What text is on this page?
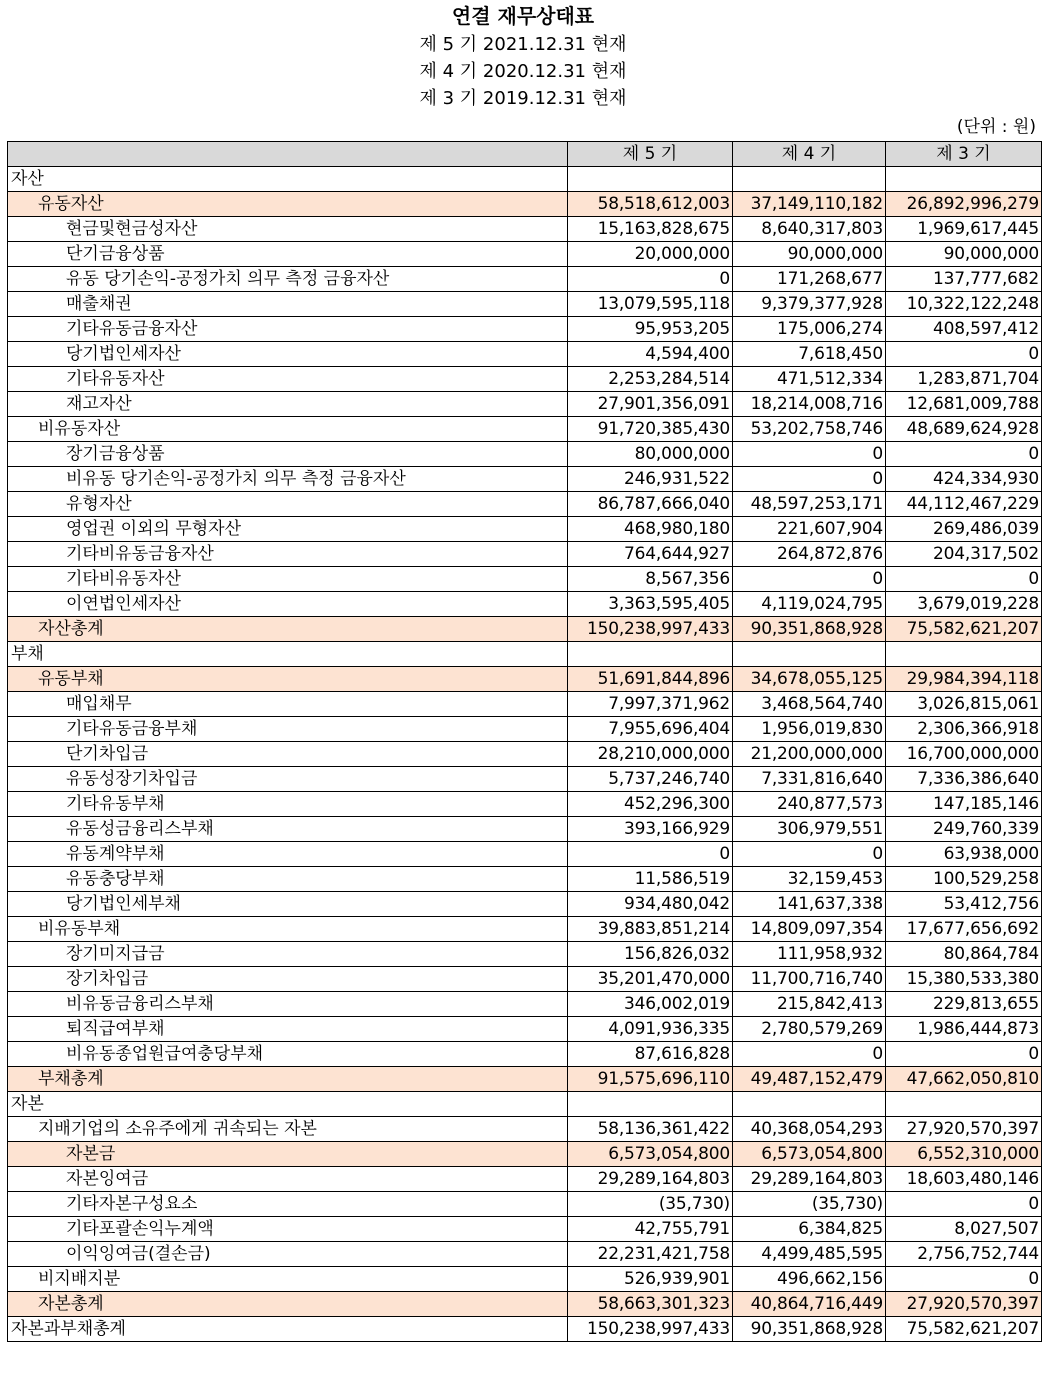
연결 재무상태표
제 5 기 2021.12.31 현재
제 4 기 2020.12.31 현재
제 3 기 2019.12.31 현재
(단위 : 원)
	제 5 기	제 4 기	제 3 기
자산			
유동자산	58,518,612,003	37,149,110,182	26,892,996,279
현금및현금성자산	15,163,828,675	8,640,317,803	1,969,617,445
단기금융상품	20,000,000	90,000,000	90,000,000
유동 당기손익-공정가치 의무 측정 금융자산	0	171,268,677	137,777,682
매출채권	13,079,595,118	9,379,377,928	10,322,122,248
기타유동금융자산	95,953,205	175,006,274	408,597,412
당기법인세자산	4,594,400	7,618,450	0
기타유동자산	2,253,284,514	471,512,334	1,283,871,704
재고자산	27,901,356,091	18,214,008,716	12,681,009,788
비유동자산	91,720,385,430	53,202,758,746	48,689,624,928
장기금융상품	80,000,000	0	0
비유동 당기손익-공정가치 의무 측정 금융자산	246,931,522	0	424,334,930
유형자산	86,787,666,040	48,597,253,171	44,112,467,229
영업권 이외의 무형자산	468,980,180	221,607,904	269,486,039
기타비유동금융자산	764,644,927	264,872,876	204,317,502
기타비유동자산	8,567,356	0	0
이연법인세자산	3,363,595,405	4,119,024,795	3,679,019,228
자산총계	150,238,997,433	90,351,868,928	75,582,621,207
부채			
유동부채	51,691,844,896	34,678,055,125	29,984,394,118
매입채무	7,997,371,962	3,468,564,740	3,026,815,061
기타유동금융부채	7,955,696,404	1,956,019,830	2,306,366,918
단기차입금	28,210,000,000	21,200,000,000	16,700,000,000
유동성장기차입금	5,737,246,740	7,331,816,640	7,336,386,640
기타유동부채	452,296,300	240,877,573	147,185,146
유동성금융리스부채	393,166,929	306,979,551	249,760,339
유동계약부채	0	0	63,938,000
유동충당부채	11,586,519	32,159,453	100,529,258
당기법인세부채	934,480,042	141,637,338	53,412,756
비유동부채	39,883,851,214	14,809,097,354	17,677,656,692
장기미지급금	156,826,032	111,958,932	80,864,784
장기차입금	35,201,470,000	11,700,716,740	15,380,533,380
비유동금융리스부채	346,002,019	215,842,413	229,813,655
퇴직급여부채	4,091,936,335	2,780,579,269	1,986,444,873
비유동종업원급여충당부채	87,616,828	0	0
부채총계	91,575,696,110	49,487,152,479	47,662,050,810
자본			
지배기업의 소유주에게 귀속되는 자본	58,136,361,422	40,368,054,293	27,920,570,397
자본금	6,573,054,800	6,573,054,800	6,552,310,000
자본잉여금	29,289,164,803	29,289,164,803	18,603,480,146
기타자본구성요소	(35,730)	(35,730)	0
기타포괄손익누계액	42,755,791	6,384,825	8,027,507
이익잉여금(결손금)	22,231,421,758	4,499,485,595	2,756,752,744
비지배지분	526,939,901	496,662,156	0
자본총계	58,663,301,323	40,864,716,449	27,920,570,397
자본과부채총계	150,238,997,433	90,351,868,928	75,582,621,207
